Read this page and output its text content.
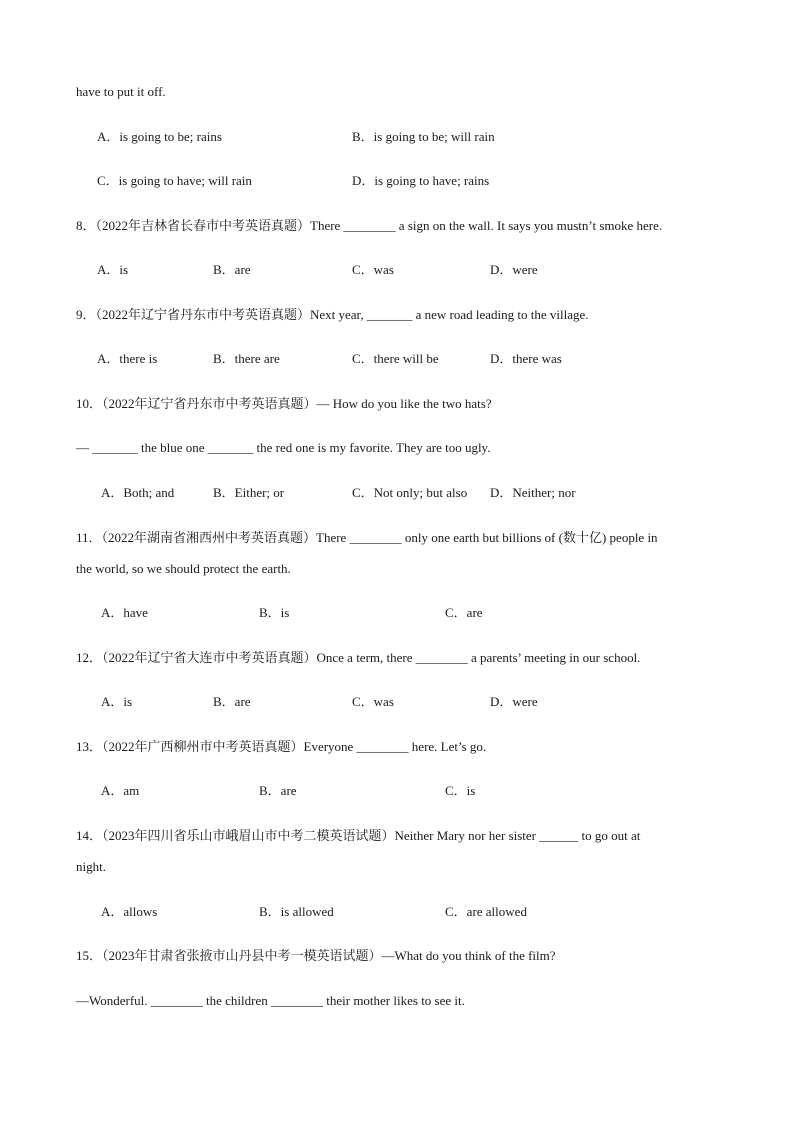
have to put it off.
A．is going to be; rains	B．is going to be; will rain
C．is going to have; will rain	D．is going to have; rains
8．（2022年吉林省长春市中考英语真题）There ________ a sign on the wall. It says you mustn’t smoke here.
A．is	B．are	C．was	D．were
9．（2022年辽宁省丹东市中考英语真题）Next year, _______ a new road leading to the village.
A．there is	B．there are	C．there will be	D．there was
10．（2022年辽宁省丹东市中考英语真题）— How do you like the two hats?
— _______ the blue one _______ the red one is my favorite. They are too ugly.
A．Both; and	B．Either; or	C．Not only; but also D．Neither; nor
11．（2022年湖南省湘西州中考英语真题）There ________ only one earth but billions of (数十亿) people in
the world, so we should protect the earth.
A．have	B．is	C．are
12．（2022年辽宁省大连市中考英语真题）Once a term, there ________ a parents’ meeting in our school.
A．is	B．are	C．was	D．were
13．（2022年广西柳州市中考英语真题）Everyone ________ here. Let’s go.
A．am	B．are	C．is
14．（2023年四川省乐山市峨眉山市中考二模英语试题）Neither Mary nor her sister ______ to go out at
night.
A．allows	B．is allowed	C．are allowed
15．（2023年甘肃省张掖市山丹县中考一模英语试题）—What do you think of the film?
—Wonderful. ________ the children ________ their mother likes to see it.
